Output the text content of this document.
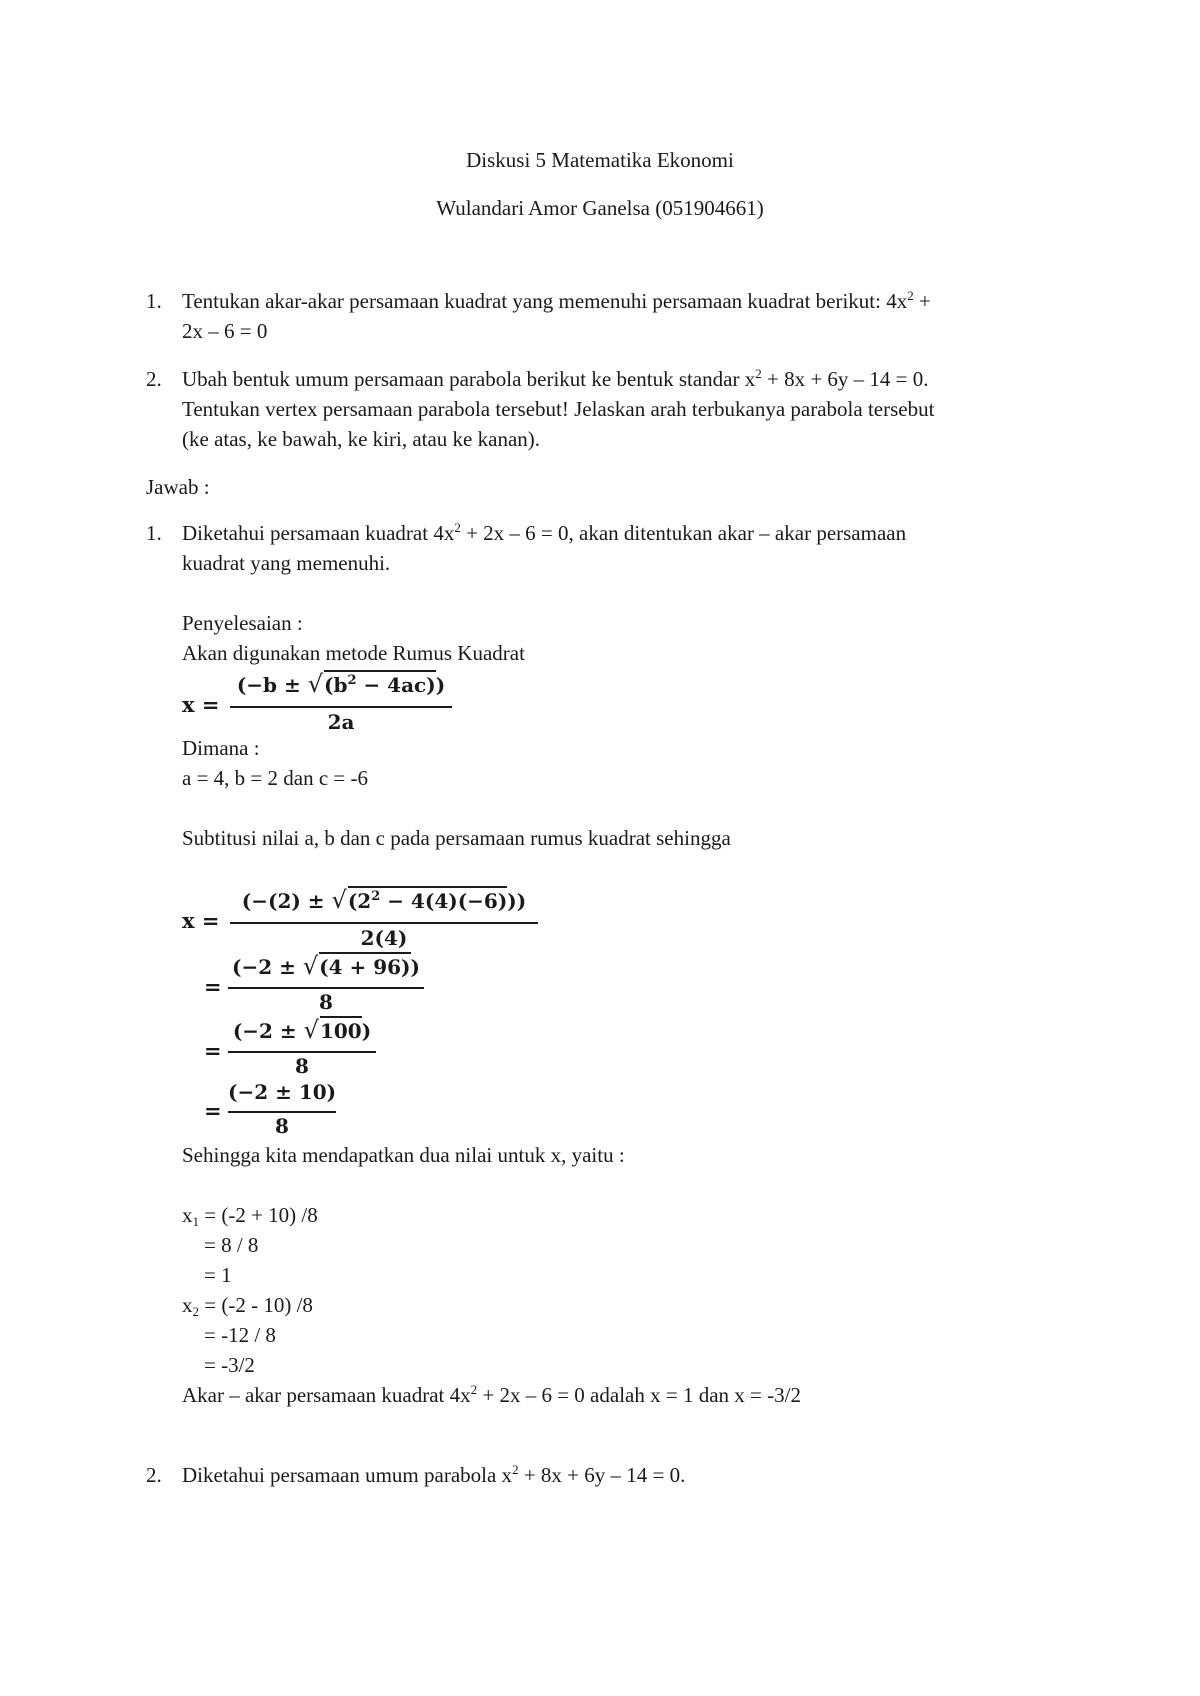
Diskusi 5 Matematika Ekonomi
Wulandari Amor Ganelsa (051904661)
1. Tentukan akar-akar persamaan kuadrat yang memenuhi persamaan kuadrat berikut: $4x^2$ +
2x – 6 = 0
2. Ubah bentuk umum persamaan parabola berikut ke bentuk standar $x^2 + 8x + 6y - 14 = 0$.
Tentukan vertex persamaan parabola tersebut! Jelaskan arah terbukanya parabola tersebut
(ke atas, ke bawah, ke kiri, atau ke kanan).
Jawab :
1. Diketahui persamaan kuadrat $4x^2 + 2x - 6 = 0$, akan ditentukan akar – akar persamaan
kuadrat yang memenuhi.
Penyelesaian :
Akan digunakan metode Rumus Kuadrat
x =
$(-b \pm √(b^2 - 4ac))$
2a
Dimana :
a = 4, b = 2 dan c = -6
Subtitusi nilai a, b dan c pada persamaan rumus kuadrat sehingga
x =
$(-(2) \pm √(2^2 - 4(4)(-6)))$
2(4)
=
(−2 ± √(4 + 96))
8
=
(−2 ± √100)
8
=
(−2 ± 10)
8
Sehingga kita mendapatkan dua nilai untuk x, yaitu :
$x_1 = (-2 + 10)$ /8
= 8 / 8
= 1
$x_2 = (-2 - 10)$ /8
= -12 / 8
= -3/2
Akar – akar persamaan kuadrat $4x^2 + 2x - 6 = 0$ adalah x = 1 dan x = -3/2
2. Diketahui persamaan umum parabola $x^2 + 8x + 6y - 14 = 0$.
